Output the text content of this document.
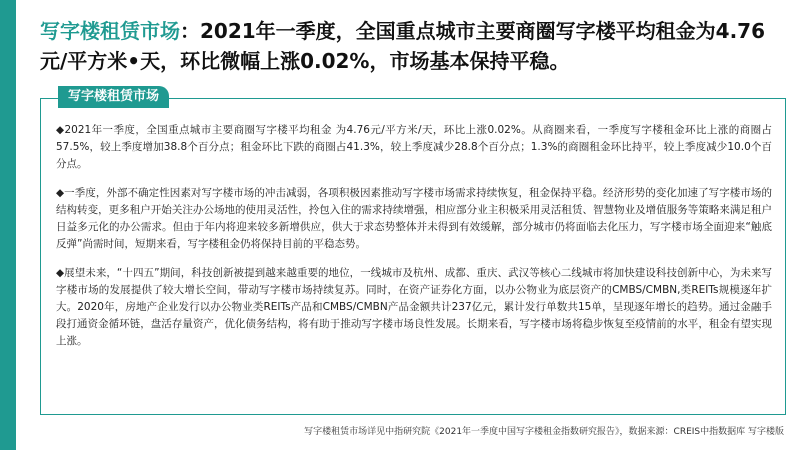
写字楼租赁市场：2021年一季度，全国重点城市主要商圈写字楼平均租金为4.76元/平方米•天，环比微幅上涨0.02%，市场基本保持平稳。
写字楼租赁市场

◆2021年一季度，全国重点城市主要商圈写字楼平均租金 为4.76元/平方米/天，环比上涨0.02%。从商圈来看，一季度写字楼租金环比上涨的商圈占57.5%，较上季度增加38.8个百分点；租金环比下跌的商圈占41.3%，较上季度减少28.8个百分点；1.3%的商圈租金环比持平，较上季度减少10.0个百分点。

◆一季度，外部不确定性因素对写字楼市场的冲击减弱，各项积极因素推动写字楼市场需求持续恢复，租金保持平稳。经济形势的变化加速了写字楼市场的结构转变，更多租户开始关注办公场地的使用灵活性，拎包入住的需求持续增强，相应部分业主积极采用灵活租赁、智慧物业及增值服务等策略来满足租户日益多元化的办公需求。但由于年内将迎来较多新增供应，供大于求态势整体并未得到有效缓解，部分城市仍将面临去化压力，写字楼市场全面迎来“触底反弹”尚需时间，短期来看，写字楼租金仍将保持目前的平稳态势。

◆展望未来，“十四五”期间，科技创新被提到越来越重要的地位，一线城市及杭州、成都、重庆、武汉等核心二线城市将加快建设科技创新中心，为未来写字楼市场的发展提供了较大增长空间，带动写字楼市场持续复苏。同时，在资产证券化方面，以办公物业为底层资产的CMBS/CMBN,类REITs规模逐年扩大。2020年，房地产企业发行以办公物业类REITs产品和CMBS/CMBN产品金额共计237亿元，累计发行单数共15单，呈现逐年增长的趋势。通过金融手段打通资金循环链，盘活存量资产，优化债务结构，将有助于推动写字楼市场良性发展。长期来看，写字楼市场将稳步恢复至疫情前的水平，租金有望实现上涨。

写字楼租赁市场详见中指研究院《2021年一季度中国写字楼租金指数研究报告》，数据来源：CREIS中指数据库 写字楼版
